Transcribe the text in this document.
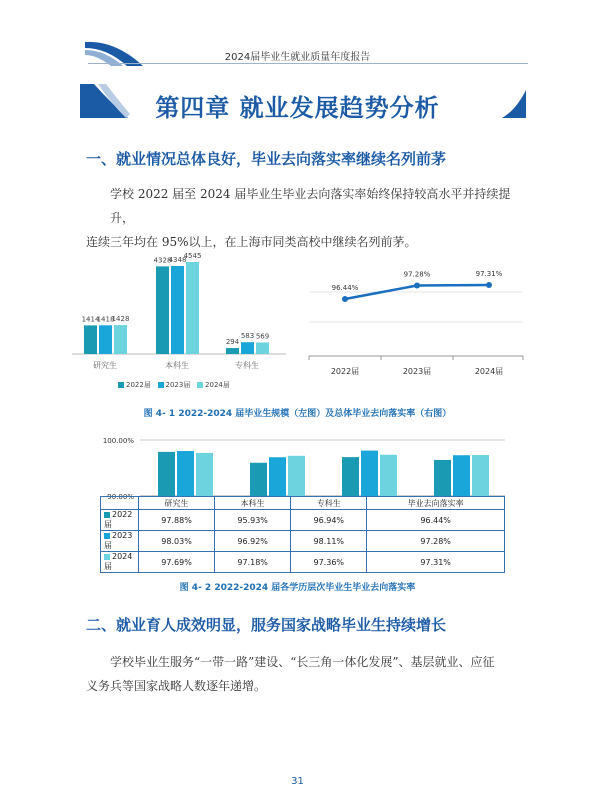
2024届毕业生就业质量年度报告
第四章 就业发展趋势分析
一、就业情况总体良好，毕业去向落实率继续名列前茅
学校 2022 届至 2024 届毕业生毕业去向落实率始终保持较高水平并持续提升，
连续三年均在 95%以上，在上海市同类高校中继续名列前茅。
1414
1418
1428
研究生
4328
4348
4545
本科生
294
583 569
专科生
2022届 2023届 2024届
96.44%
97.28%	97.31%
2022届	2023届	2024届
图 4- 1 2022-2024 届毕业生规模（左图）及总体毕业去向落实率（右图）
100.00%
90.00%
	研究生	本科生	专科生	毕业去向落实率
2022届	97.88%	95.93%	96.94%	96.44%
2023届	98.03%	96.92%	98.11%	97.28%
2024届	97.69%	97.18%	97.36%	97.31%
图 4- 2 2022-2024 届各学历层次毕业生毕业去向落实率
二、就业育人成效明显，服务国家战略毕业生持续增长
学校毕业生服务“一带一路”建设、“长三角一体化发展”、基层就业、应征
义务兵等国家战略人数逐年递增。
31
